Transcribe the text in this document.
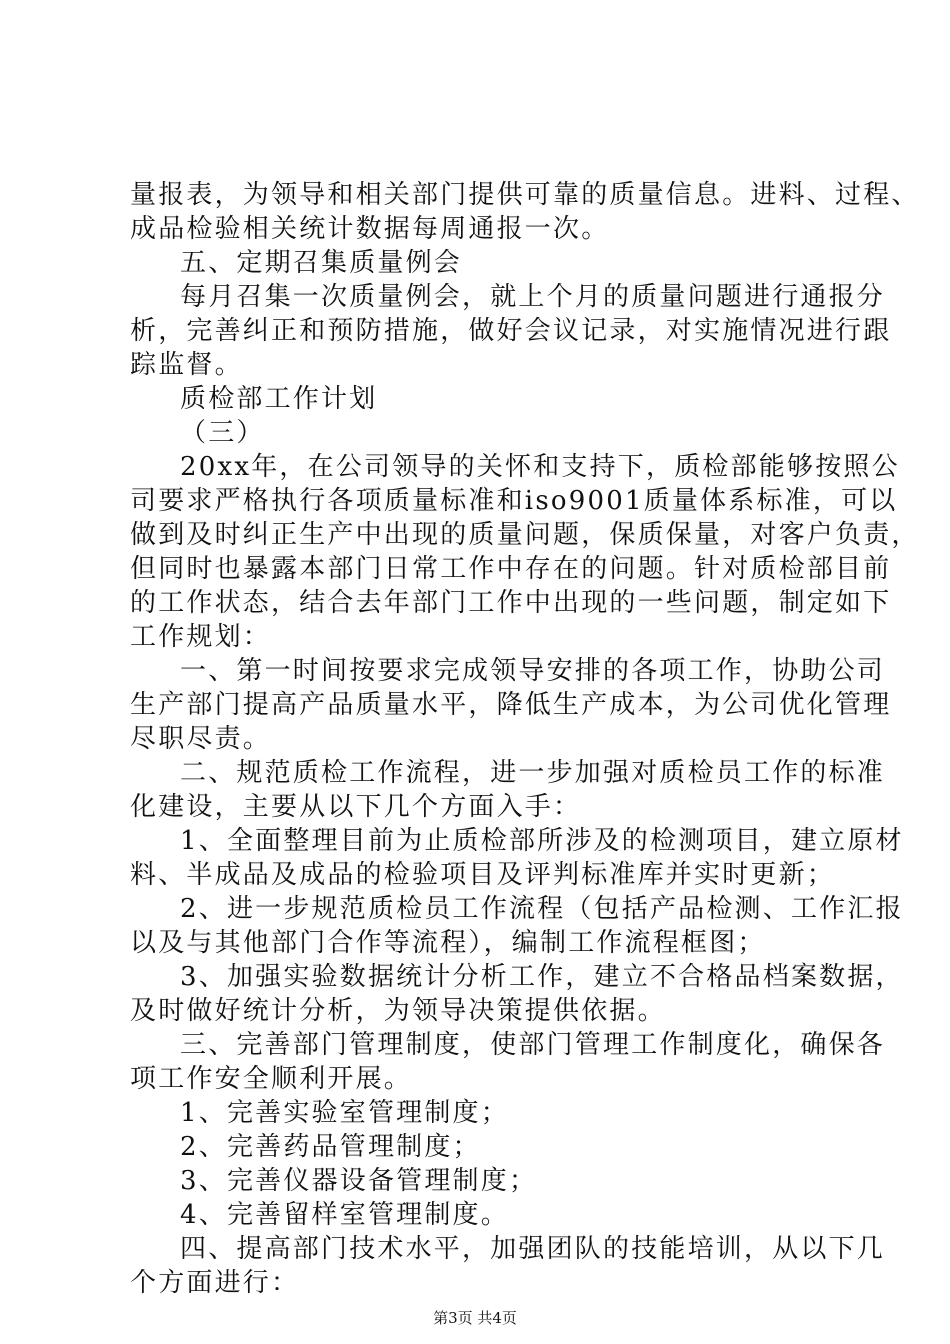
量报表，为领导和相关部门提供可靠的质量信息。进料、过程、
成品检验相关统计数据每周通报一次。
五、定期召集质量例会
每月召集一次质量例会，就上个月的质量问题进行通报分
析，完善纠正和预防措施，做好会议记录，对实施情况进行跟
踪监督。
质检部工作计划
（三）
20xx年，在公司领导的关怀和支持下，质检部能够按照公
司要求严格执行各项质量标准和iso9001质量体系标准，可以
做到及时纠正生产中出现的质量问题，保质保量，对客户负责，
但同时也暴露本部门日常工作中存在的问题。针对质检部目前
的工作状态，结合去年部门工作中出现的一些问题，制定如下
工作规划：
一、第一时间按要求完成领导安排的各项工作，协助公司
生产部门提高产品质量水平，降低生产成本，为公司优化管理
尽职尽责。
二、规范质检工作流程，进一步加强对质检员工作的标准
化建设，主要从以下几个方面入手：
1、全面整理目前为止质检部所涉及的检测项目，建立原材
料、半成品及成品的检验项目及评判标准库并实时更新；
2、进一步规范质检员工作流程（包括产品检测、工作汇报
以及与其他部门合作等流程），编制工作流程框图；
3、加强实验数据统计分析工作，建立不合格品档案数据，
及时做好统计分析，为领导决策提供依据。
三、完善部门管理制度，使部门管理工作制度化，确保各
项工作安全顺利开展。
1、完善实验室管理制度；
2、完善药品管理制度；
3、完善仪器设备管理制度；
4、完善留样室管理制度。
四、提高部门技术水平，加强团队的技能培训，从以下几
个方面进行：
第3页 共4页
